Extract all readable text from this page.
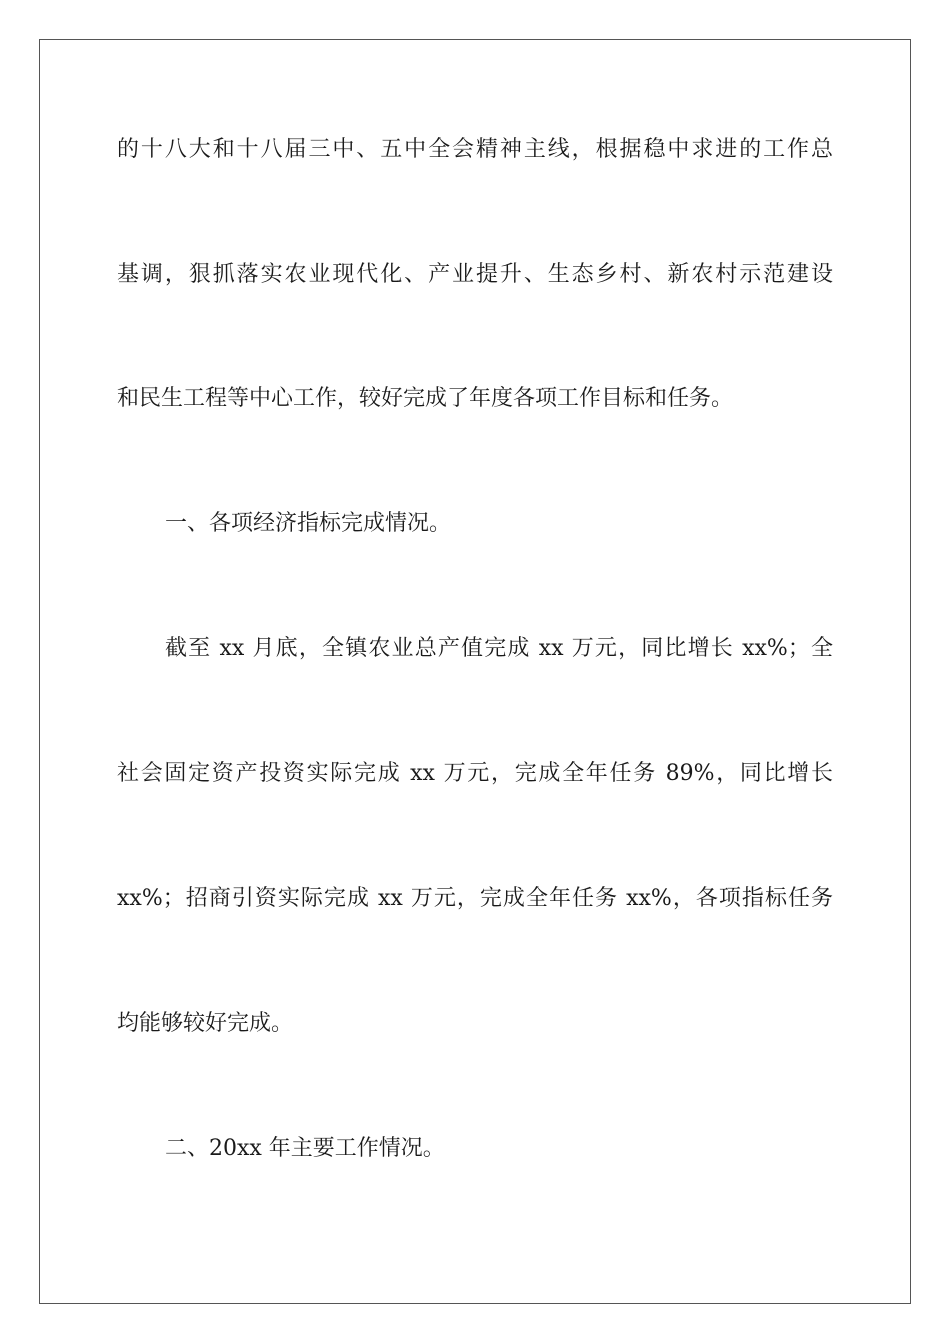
的十八大和十八届三中、五中全会精神主线，根据稳中求进的工作总
基调，狠抓落实农业现代化、产业提升、生态乡村、新农村示范建设
和民生工程等中心工作，较好完成了年度各项工作目标和任务。
一、各项经济指标完成情况。
截至 xx 月底，全镇农业总产值完成 xx 万元，同比增长 xx%；全
社会固定资产投资实际完成 xx 万元，完成全年任务 89%，同比增长
xx%；招商引资实际完成 xx 万元，完成全年任务 xx%，各项指标任务
均能够较好完成。
二、20xx 年主要工作情况。
